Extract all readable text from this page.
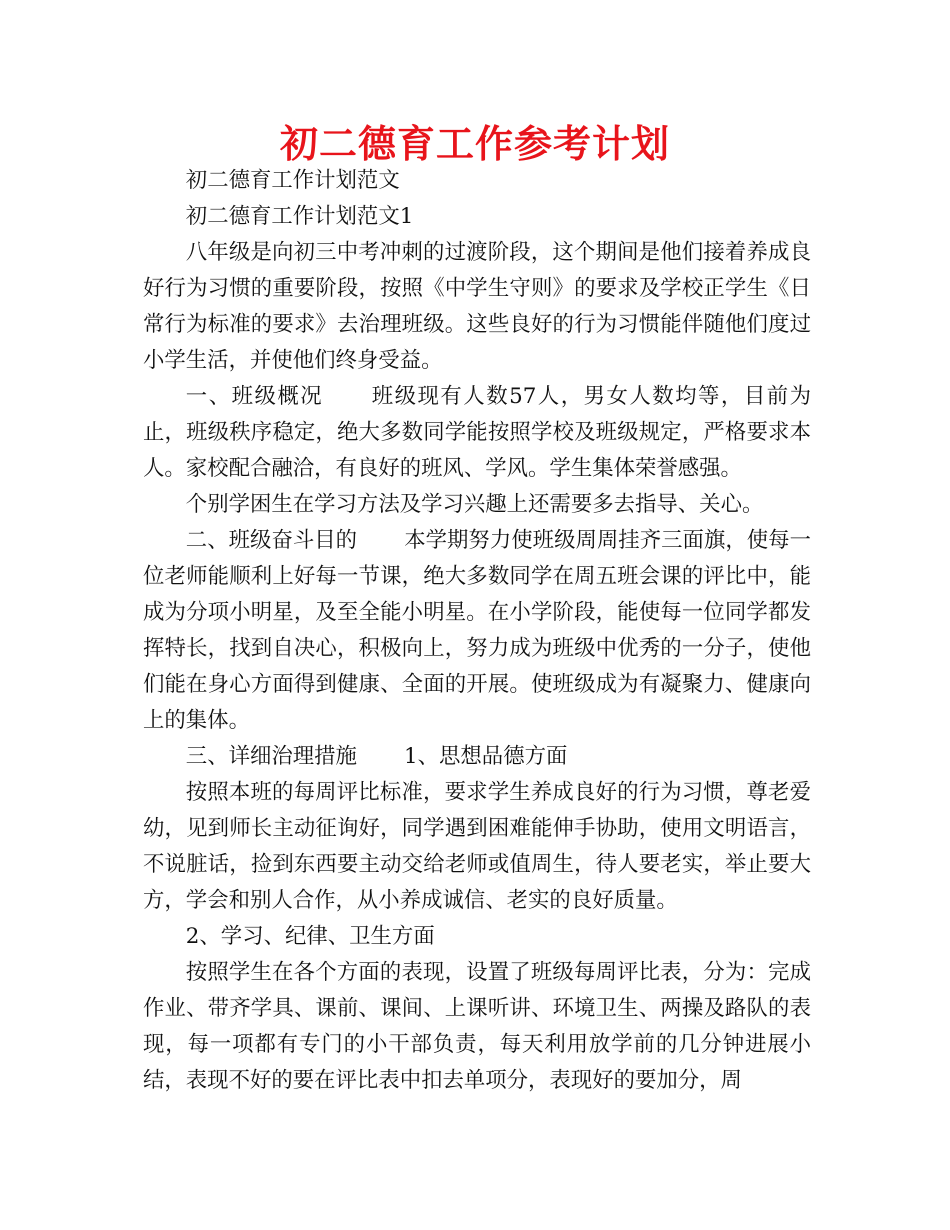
初二德育工作参考计划

初二德育工作计划范文

初二德育工作计划范文1

八年级是向初三中考冲刺的过渡阶段，这个期间是他们接着养成良好行为习惯的重要阶段，按照《中学生守则》的要求及学校正学生《日常行为标准的要求》去治理班级。这些良好的行为习惯能伴随他们度过小学生活，并使他们终身受益。

一、班级概况 班级现有人数57人，男女人数均等，目前为止，班级秩序稳定，绝大多数同学能按照学校及班级规定，严格要求本人。家校配合融洽，有良好的班风、学风。学生集体荣誉感强。

个别学困生在学习方法及学习兴趣上还需要多去指导、关心。

二、班级奋斗目的 本学期努力使班级周周挂齐三面旗，使每一位老师能顺利上好每一节课，绝大多数同学在周五班会课的评比中，能成为分项小明星，及至全能小明星。在小学阶段，能使每一位同学都发挥特长，找到自决心，积极向上，努力成为班级中优秀的一分子，使他们能在身心方面得到健康、全面的开展。使班级成为有凝聚力、健康向上的集体。

三、详细治理措施 1、思想品德方面

按照本班的每周评比标准，要求学生养成良好的行为习惯，尊老爱幼，见到师长主动征询好，同学遇到困难能伸手协助，使用文明语言，不说脏话，捡到东西要主动交给老师或值周生，待人要老实，举止要大方，学会和别人合作，从小养成诚信、老实的良好质量。

2、学习、纪律、卫生方面

按照学生在各个方面的表现，设置了班级每周评比表，分为：完成作业、带齐学具、课前、课间、上课听讲、环境卫生、两操及路队的表现，每一项都有专门的小干部负责，每天利用放学前的几分钟进展小结，表现不好的要在评比表中扣去单项分，表现好的要加分，周
